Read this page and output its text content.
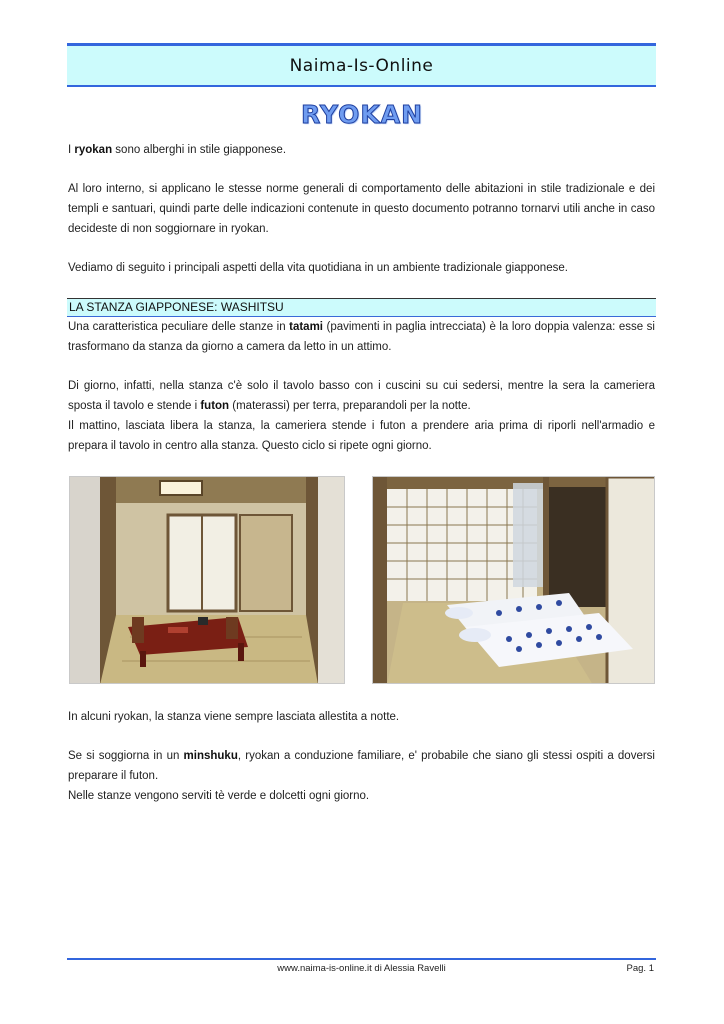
Naima-Is-Online
RYOKAN

I ryokan sono alberghi in stile giapponese.

Al loro interno, si applicano le stesse norme generali di comportamento delle abitazioni in stile tradizionale e dei templi e santuari, quindi parte delle indicazioni contenute in questo documento potranno tornarvi utili anche in caso decideste di non soggiornare in ryokan.

Vediamo di seguito i principali aspetti della vita quotidiana in un ambiente tradizionale giapponese.

LA STANZA GIAPPONESE: WASHITSU

Una caratteristica peculiare delle stanze in tatami (pavimenti in paglia intrecciata) è la loro doppia valenza: esse si trasformano da stanza da giorno a camera da letto in un attimo.

Di giorno, infatti, nella stanza c'è solo il tavolo basso con i cuscini su cui sedersi, mentre la sera la cameriera sposta il tavolo e stende i futon (materassi) per terra, preparandoli per la notte.

Il mattino, lasciata libera la stanza, la cameriera stende i futon a prendere aria prima di riporli nell'armadio e prepara il tavolo in centro alla stanza. Questo ciclo si ripete ogni giorno.

In alcuni ryokan, la stanza viene sempre lasciata allestita a notte.

Se si soggiorna in un minshuku, ryokan a conduzione familiare, e' probabile che siano gli stessi ospiti a doversi preparare il futon.

Nelle stanze vengono serviti tè verde e dolcetti ogni giorno.

www.naima-is-online.it di Alessia Ravelli	Pag. 1
